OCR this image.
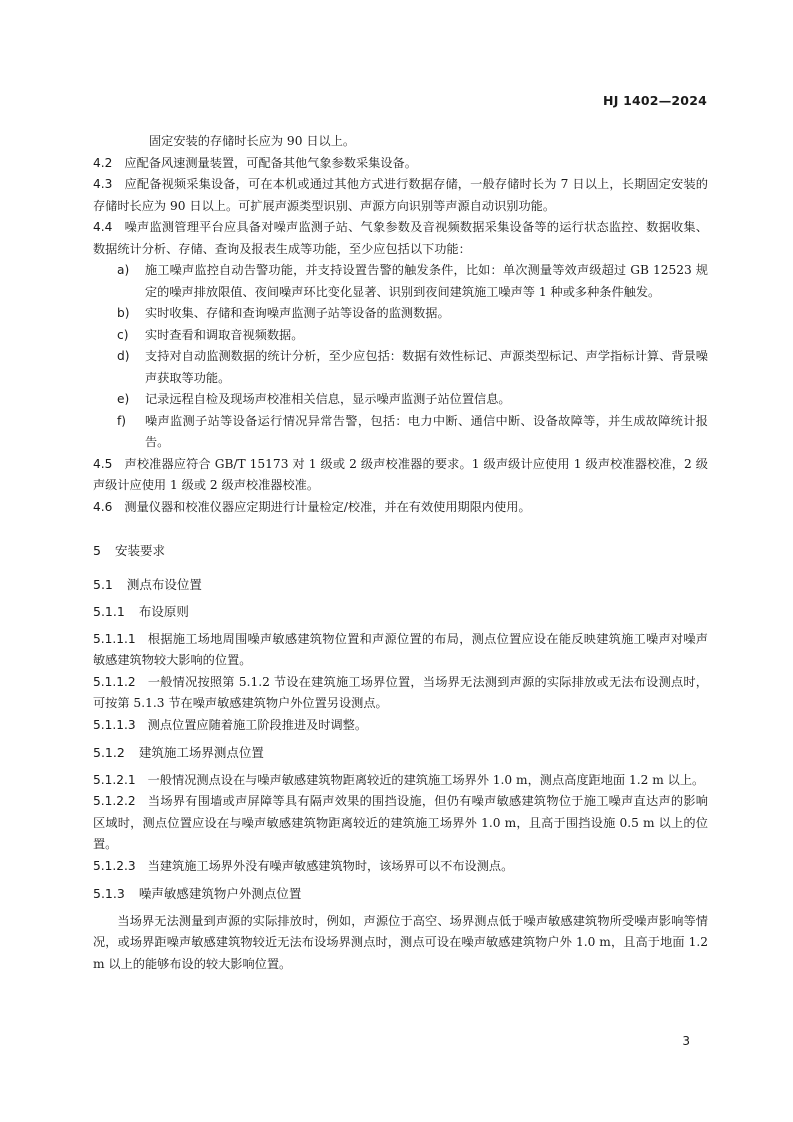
HJ 1402—2024

固定安装的存储时长应为 90 日以上。

4.2 应配备风速测量装置，可配备其他气象参数采集设备。

4.3 应配备视频采集设备，可在本机或通过其他方式进行数据存储，一般存储时长为 7 日以上，长期固定安装的存储时长应为 90 日以上。可扩展声源类型识别、声源方向识别等声源自动识别功能。

4.4 噪声监测管理平台应具备对噪声监测子站、气象参数及音视频数据采集设备等的运行状态监控、数据收集、数据统计分析、存储、查询及报表生成等功能，至少应包括以下功能：

a)	施工噪声监控自动告警功能，并支持设置告警的触发条件，比如：单次测量等效声级超过 GB 12523 规定的噪声排放限值、夜间噪声环比变化显著、识别到夜间建筑施工噪声等 1 种或多种条件触发。
b)	实时收集、存储和查询噪声监测子站等设备的监测数据。
c)	实时查看和调取音视频数据。
d)	支持对自动监测数据的统计分析，至少应包括：数据有效性标记、声源类型标记、声学指标计算、背景噪声获取等功能。
e)	记录远程自检及现场声校准相关信息，显示噪声监测子站位置信息。
f)	噪声监测子站等设备运行情况异常告警，包括：电力中断、通信中断、设备故障等，并生成故障统计报告。

4.5 声校准器应符合 GB/T 15173 对 1 级或 2 级声校准器的要求。1 级声级计应使用 1 级声校准器校准，2 级声级计应使用 1 级或 2 级声校准器校准。

4.6 测量仪器和校准仪器应定期进行计量检定/校准，并在有效使用期限内使用。

5 安装要求

5.1 测点布设位置

5.1.1 布设原则

5.1.1.1 根据施工场地周围噪声敏感建筑物位置和声源位置的布局，测点位置应设在能反映建筑施工噪声对噪声敏感建筑物较大影响的位置。

5.1.1.2 一般情况按照第 5.1.2 节设在建筑施工场界位置，当场界无法测到声源的实际排放或无法布设测点时，可按第 5.1.3 节在噪声敏感建筑物户外位置另设测点。

5.1.1.3 测点位置应随着施工阶段推进及时调整。

5.1.2 建筑施工场界测点位置

5.1.2.1 一般情况测点设在与噪声敏感建筑物距离较近的建筑施工场界外 1.0 m，测点高度距地面 1.2 m 以上。

5.1.2.2 当场界有围墙或声屏障等具有隔声效果的围挡设施，但仍有噪声敏感建筑物位于施工噪声直达声的影响区域时，测点位置应设在与噪声敏感建筑物距离较近的建筑施工场界外 1.0 m，且高于围挡设施 0.5 m 以上的位置。

5.1.2.3 当建筑施工场界外没有噪声敏感建筑物时，该场界可以不布设测点。

5.1.3 噪声敏感建筑物户外测点位置

当场界无法测量到声源的实际排放时，例如，声源位于高空、场界测点低于噪声敏感建筑物所受噪声影响等情况，或场界距噪声敏感建筑物较近无法布设场界测点时，测点可设在噪声敏感建筑物户外 1.0 m，且高于地面 1.2 m 以上的能够布设的较大影响位置。

3
